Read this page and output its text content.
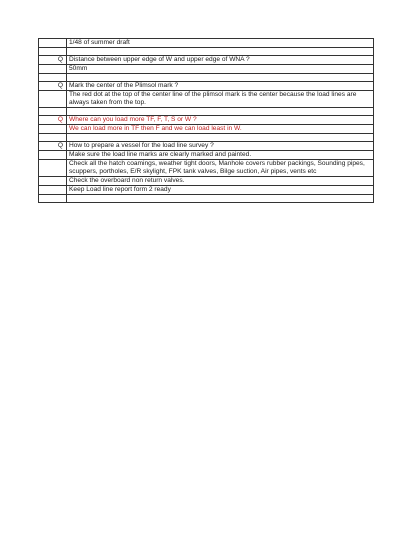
	1/48 of summer draft

Q	Distance between upper edge of W and upper edge of WNA ?
	50mm

Q	Mark the center of the Plimsol mark ?
	The red dot at the top of the center line of the plimsol mark is the center because the load lines are always taken from the top.

Q	Where can you load more TF, F, T, S or W ?
	We can load more in TF then F and we can load least in W.

Q	How to prepare a vessel for the load line survey ?
	Make sure the load line marks are clearly marked and painted.
	Check all the hatch coamings, weather tight doors, Manhole covers rubber packings, Sounding pipes, scuppers, portholes, E/R skylight, FPK tank valves, Bilge suction, Air pipes, vents etc
	Check the overboard non return valves.
	Keep Load line report form 2 ready
